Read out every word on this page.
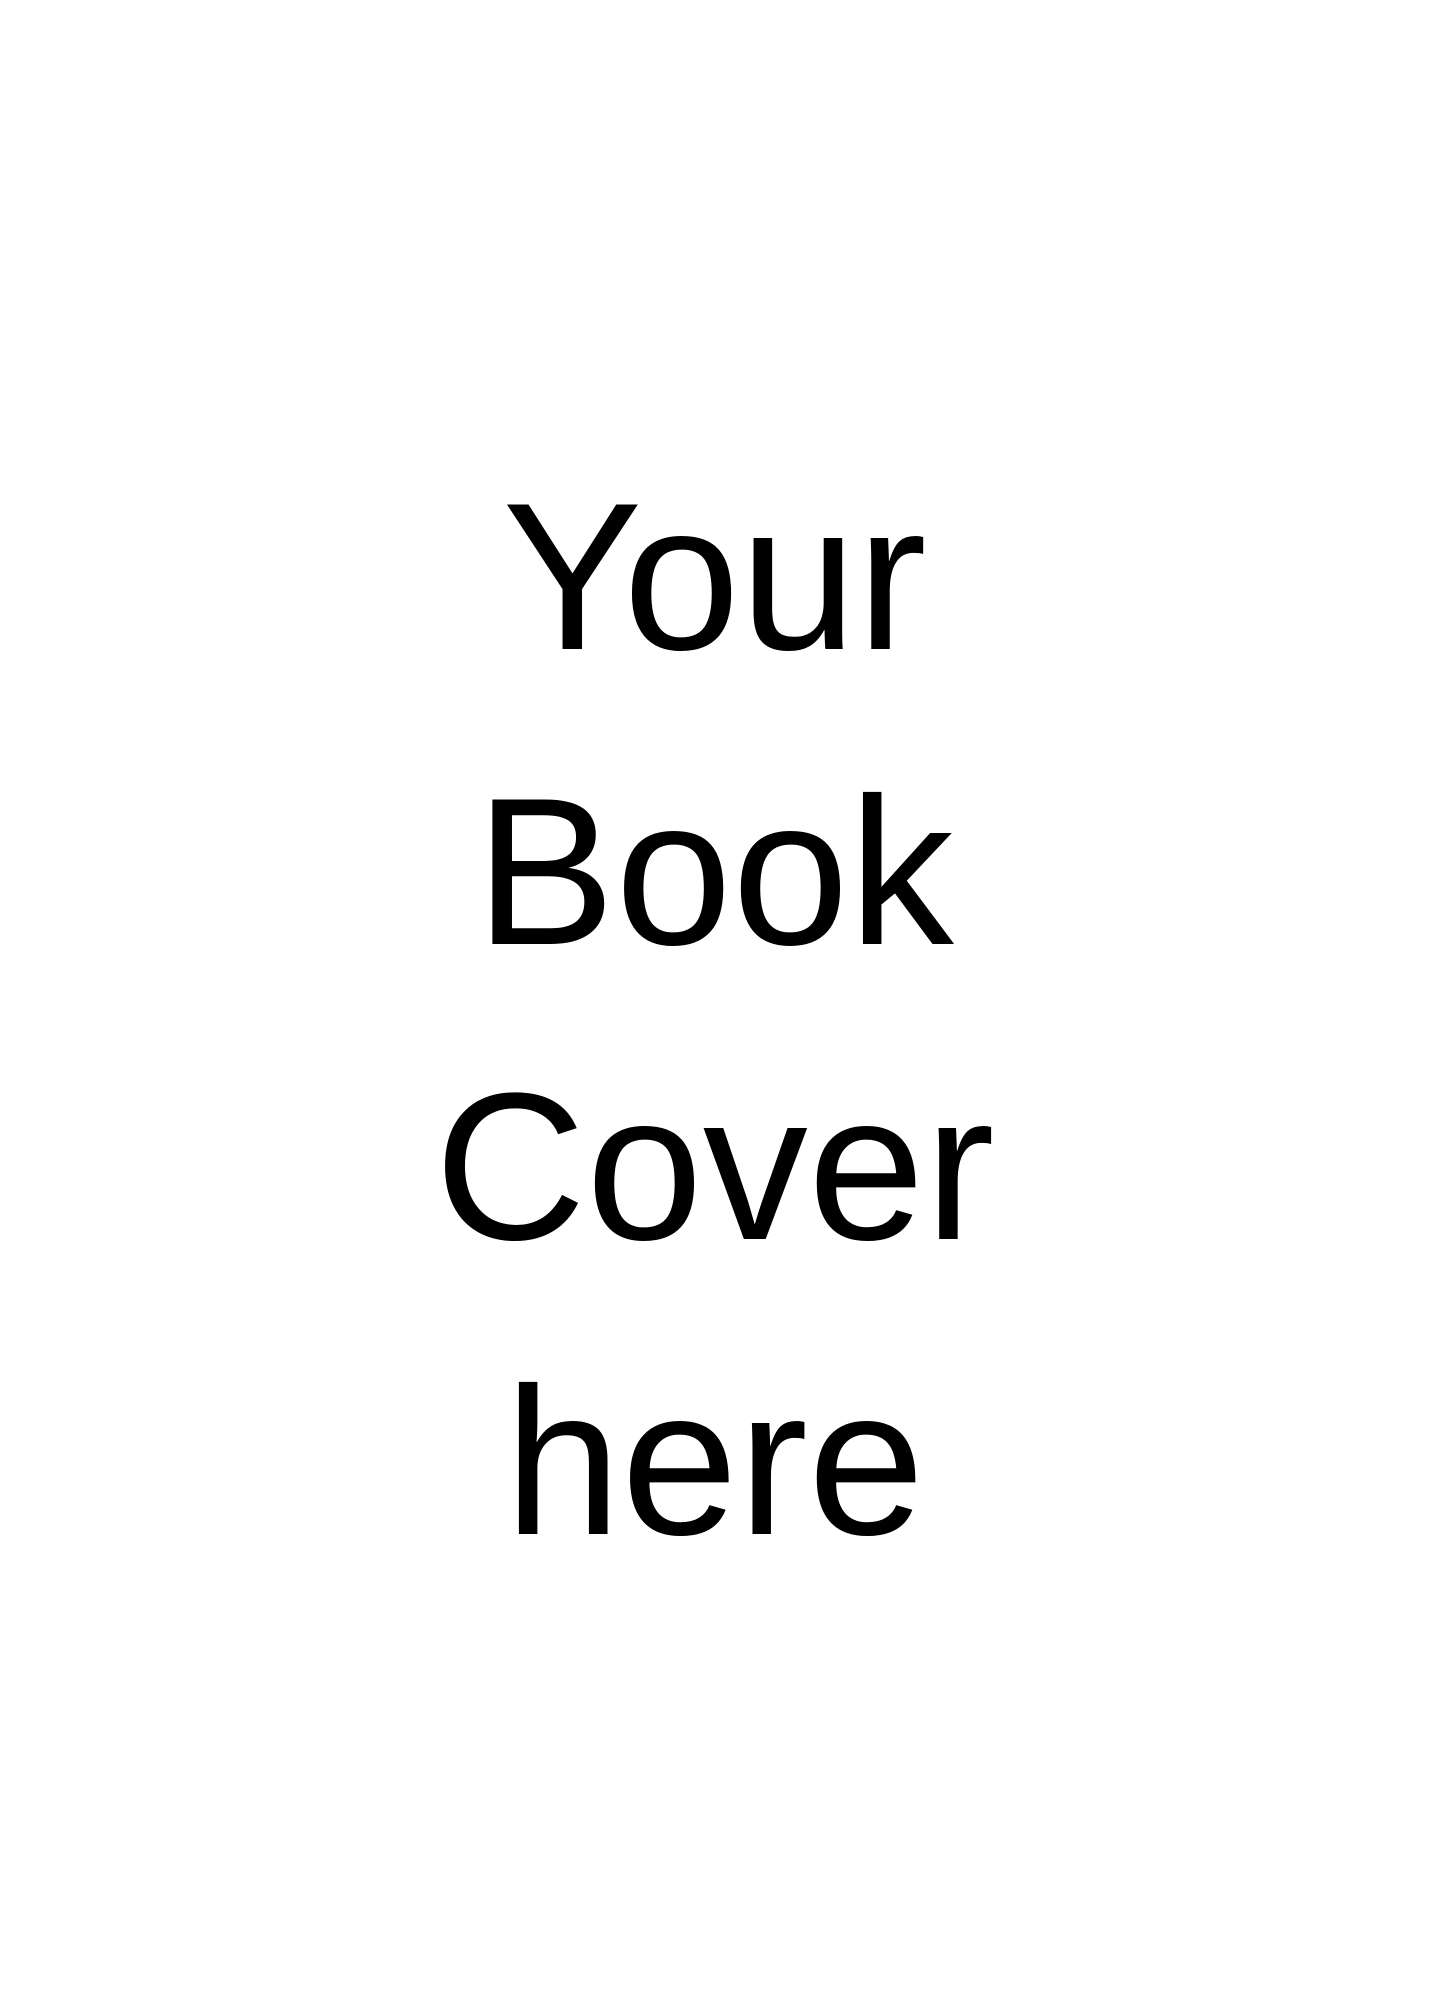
Your
Book
Cover
here
